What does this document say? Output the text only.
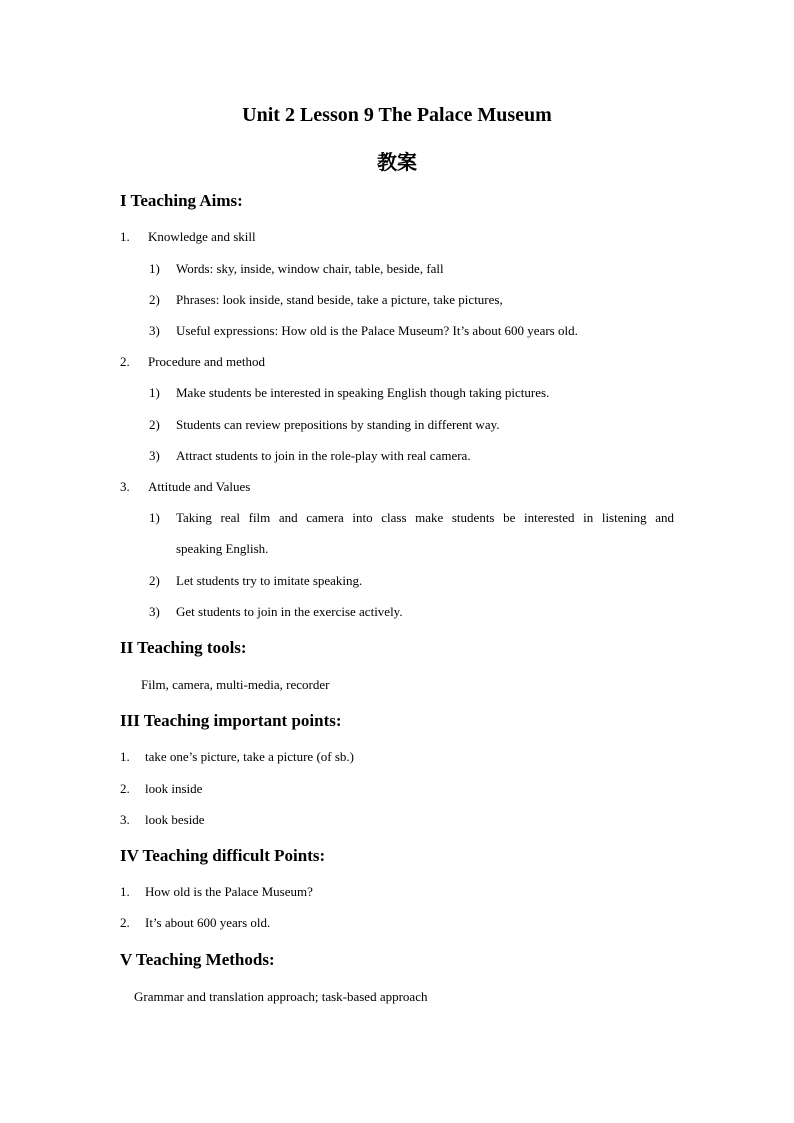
Unit 2 Lesson 9 The Palace Museum
教案
I Teaching Aims:
1. Knowledge and skill
1) Words: sky, inside, window chair, table, beside, fall
2) Phrases: look inside, stand beside, take a picture, take pictures,
3) Useful expressions: How old is the Palace Museum? It’s about 600 years old.
2. Procedure and method
1) Make students be interested in speaking English though taking pictures.
2) Students can review prepositions by standing in different way.
3) Attract students to join in the role-play with real camera.
3. Attitude and Values
1) Taking real film and camera into class make students be interested in listening and
speaking English.
2) Let students try to imitate speaking.
3) Get students to join in the exercise actively.
II Teaching tools:
Film, camera, multi-media, recorder
III Teaching important points:
1. take one’s picture, take a picture (of sb.)
2. look inside
3. look beside
IV Teaching difficult Points:
1. How old is the Palace Museum?
2. It’s about 600 years old.
V Teaching Methods:
Grammar and translation approach; task-based approach
